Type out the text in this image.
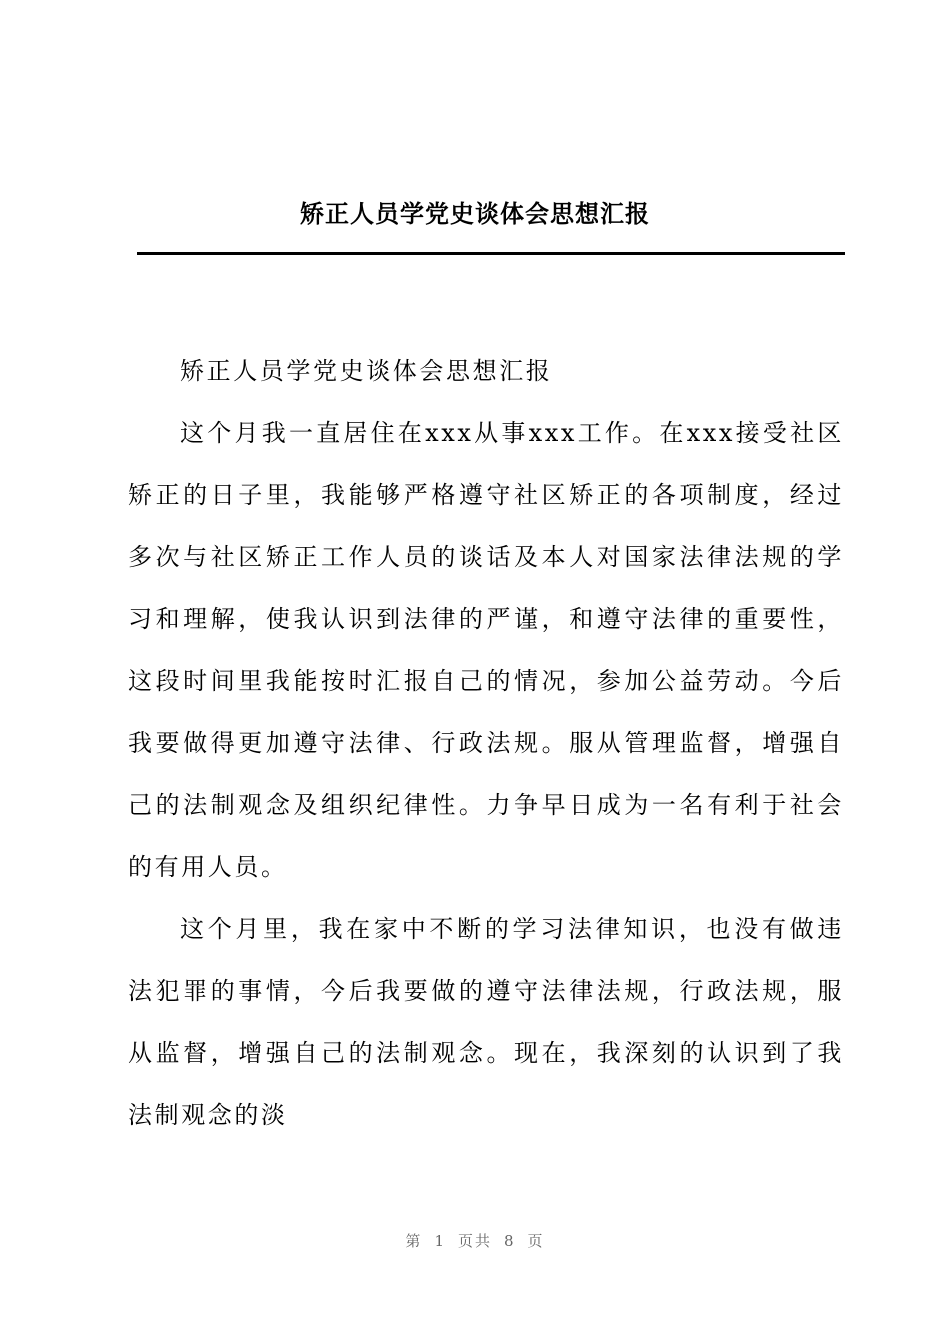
矫正人员学党史谈体会思想汇报

矫正人员学党史谈体会思想汇报

这个月我一直居住在xxx从事xxx工作。在xxx接受社区矫正的日子里，我能够严格遵守社区矫正的各项制度，经过多次与社区矫正工作人员的谈话及本人对国家法律法规的学习和理解，使我认识到法律的严谨，和遵守法律的重要性，这段时间里我能按时汇报自己的情况，参加公益劳动。今后我要做得更加遵守法律、行政法规。服从管理监督，增强自己的法制观念及组织纪律性。力争早日成为一名有利于社会的有用人员。

这个月里，我在家中不断的学习法律知识，也没有做违法犯罪的事情，今后我要做的遵守法律法规，行政法规，服从监督，增强自己的法制观念。现在，我深刻的认识到了我法制观念的淡

第 1 页共 8 页
